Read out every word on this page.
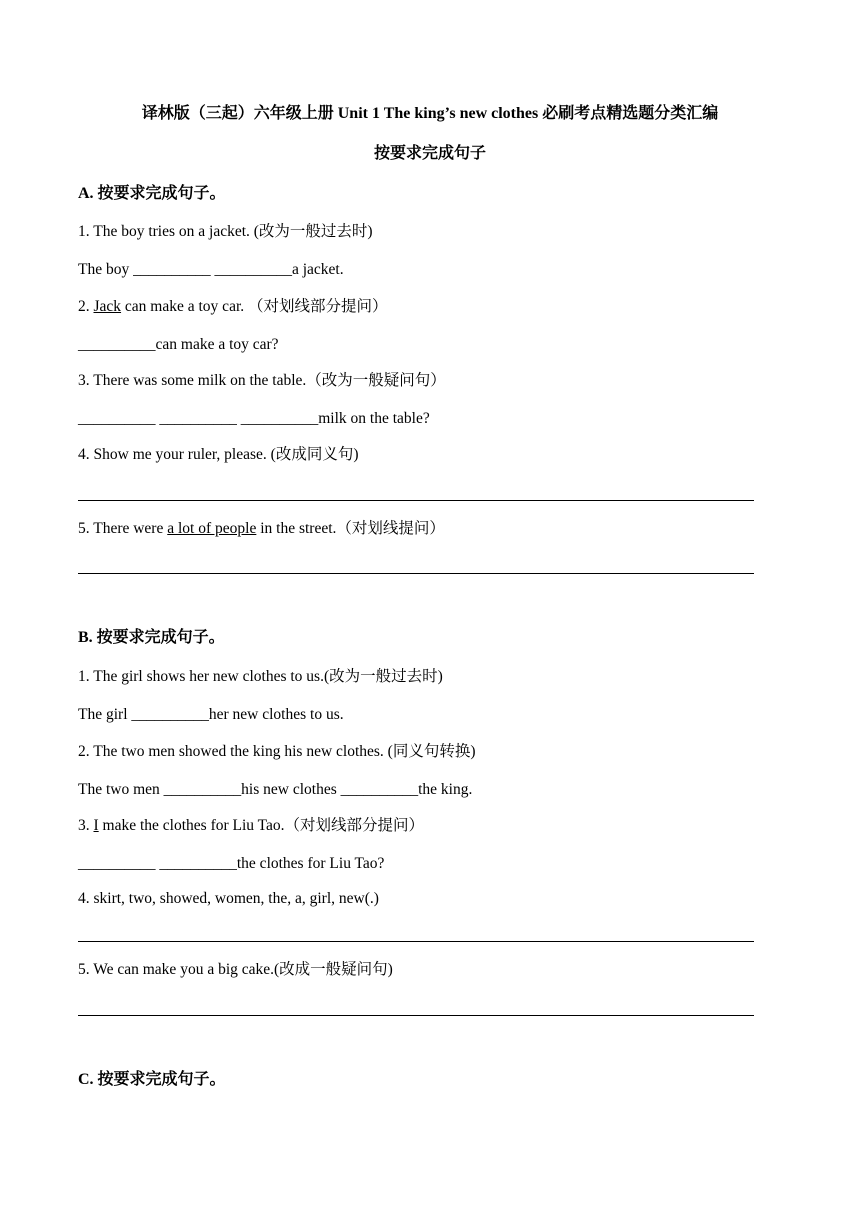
译林版（三起）六年级上册 Unit 1 The king’s new clothes 必刷考点精选题分类汇编
按要求完成句子
A. 按要求完成句子。
1. The boy tries on a jacket. (改为一般过去时)
The boy __________ __________a jacket.
2. Jack can make a toy car. （对划线部分提问）
__________can make a toy car?
3. There was some milk on the table.（改为一般疑问句）
__________ __________ __________milk on the table?
4. Show me your ruler, please. (改成同义句)
5. There were a lot of people in the street.（对划线提问）
B. 按要求完成句子。
1. The girl shows her new clothes to us.(改为一般过去时)
The girl __________her new clothes to us.
2. The two men showed the king his new clothes. (同义句转换)
The two men __________his new clothes __________the king.
3. I make the clothes for Liu Tao.（对划线部分提问）
__________ __________the clothes for Liu Tao?
4. skirt, two, showed, women, the, a, girl, new(.)
5. We can make you a big cake.(改成一般疑问句)
C. 按要求完成句子。
